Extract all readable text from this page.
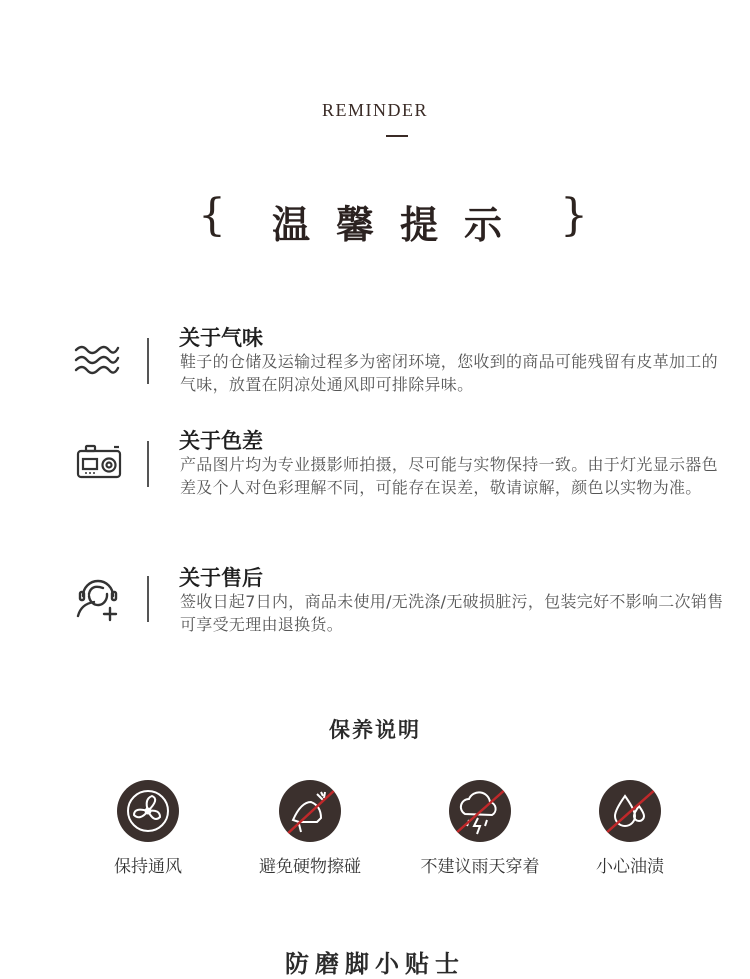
REMINDER
{ 温馨提示 }
关于气味
鞋子的仓储及运输过程多为密闭环境，您收到的商品可能残留有皮革加工的气味，放置在阴凉处通风即可排除异味。
关于色差
产品图片均为专业摄影师拍摄，尽可能与实物保持一致。由于灯光显示器色差及个人对色彩理解不同，可能存在误差，敬请谅解，颜色以实物为准。
关于售后
签收日起7日内，商品未使用/无洗涤/无破损脏污，包装完好不影响二次销售可享受无理由退换货。
保养说明
保持通风	避免硬物擦碰	不建议雨天穿着	小心油渍
防磨脚小贴士
